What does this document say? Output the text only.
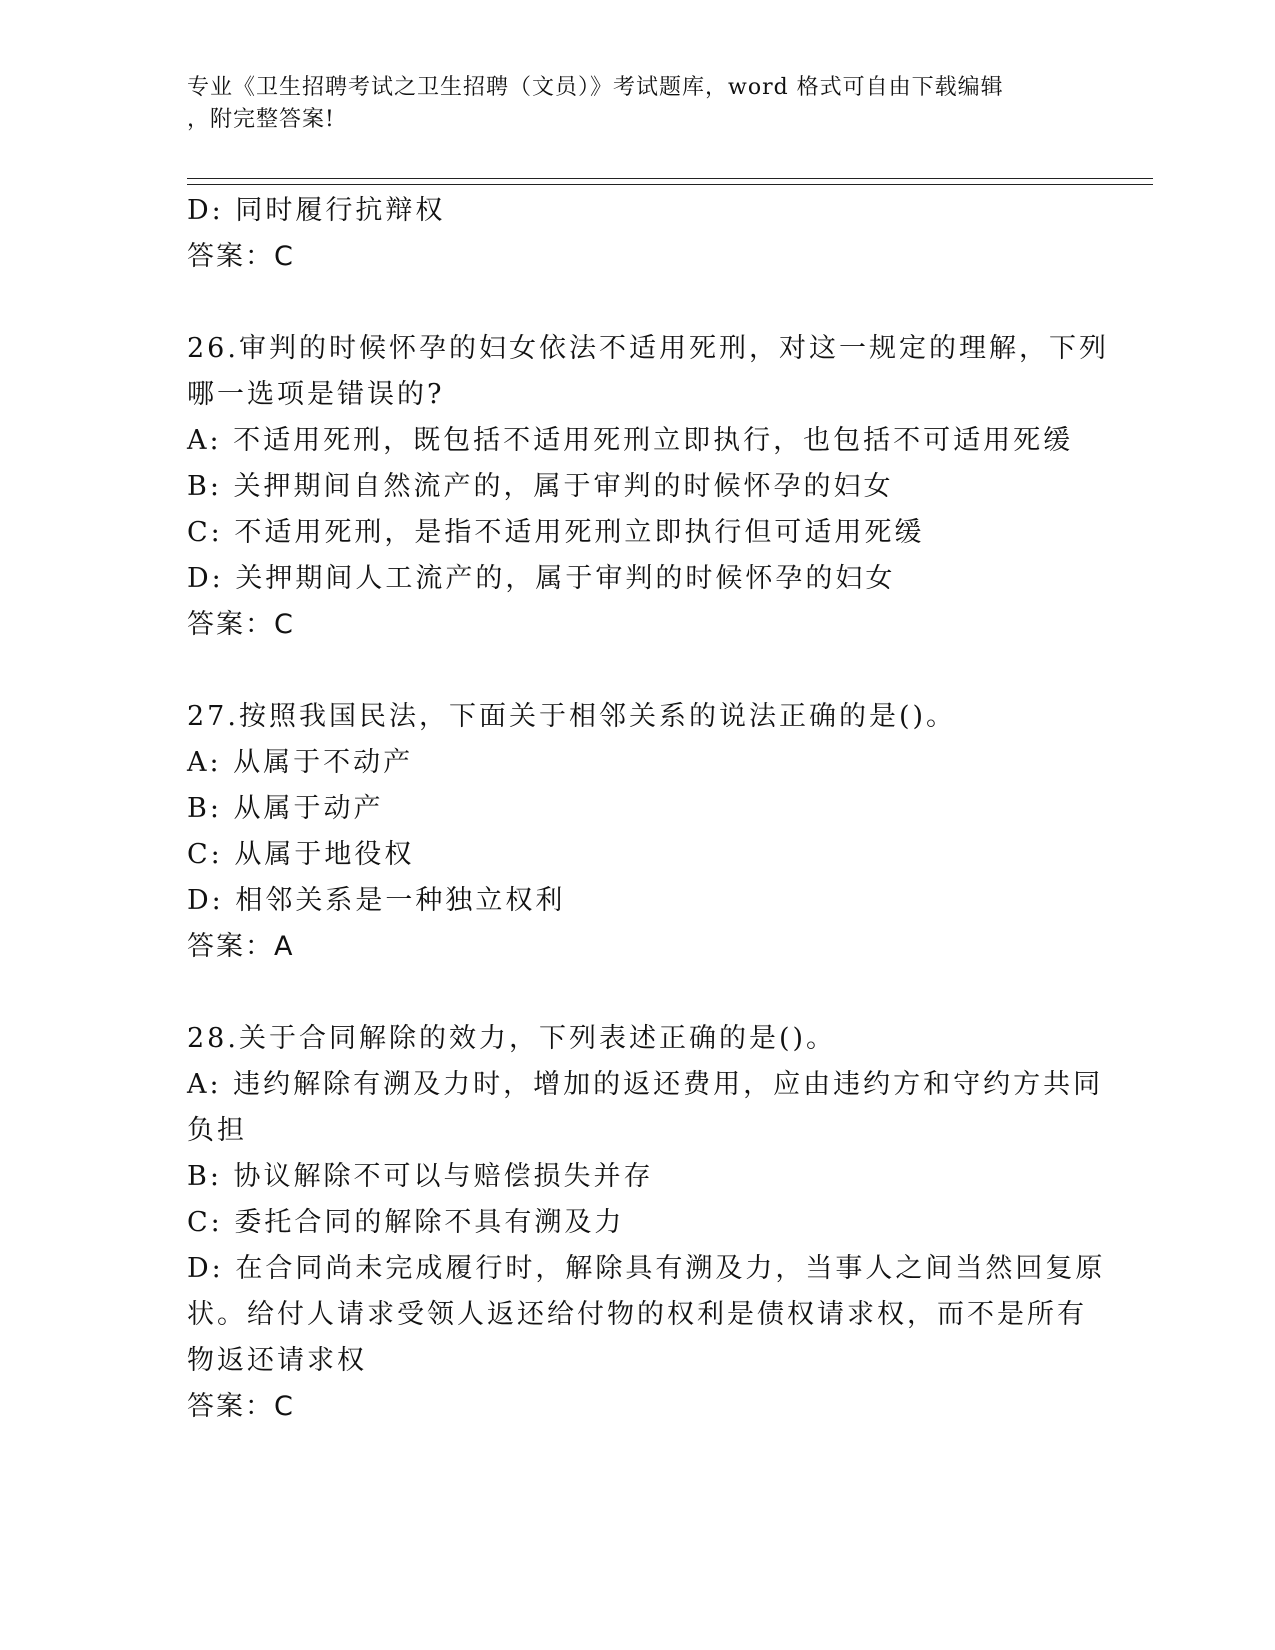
专业《卫生招聘考试之卫生招聘（文员）》考试题库，word 格式可自由下载编辑
，附完整答案!
D: 同时履行抗辩权
答案：C
26.审判的时候怀孕的妇女依法不适用死刑，对这一规定的理解，下列
哪一选项是错误的?
A: 不适用死刑，既包括不适用死刑立即执行，也包括不可适用死缓
B: 关押期间自然流产的，属于审判的时候怀孕的妇女
C: 不适用死刑，是指不适用死刑立即执行但可适用死缓
D: 关押期间人工流产的，属于审判的时候怀孕的妇女
答案：C
27.按照我国民法，下面关于相邻关系的说法正确的是()。
A: 从属于不动产
B: 从属于动产
C: 从属于地役权
D: 相邻关系是一种独立权利
答案：A
28.关于合同解除的效力，下列表述正确的是()。
A: 违约解除有溯及力时，增加的返还费用，应由违约方和守约方共同
负担
B: 协议解除不可以与赔偿损失并存
C: 委托合同的解除不具有溯及力
D: 在合同尚未完成履行时，解除具有溯及力，当事人之间当然回复原
状。给付人请求受领人返还给付物的权利是债权请求权，而不是所有
物返还请求权
答案：C
